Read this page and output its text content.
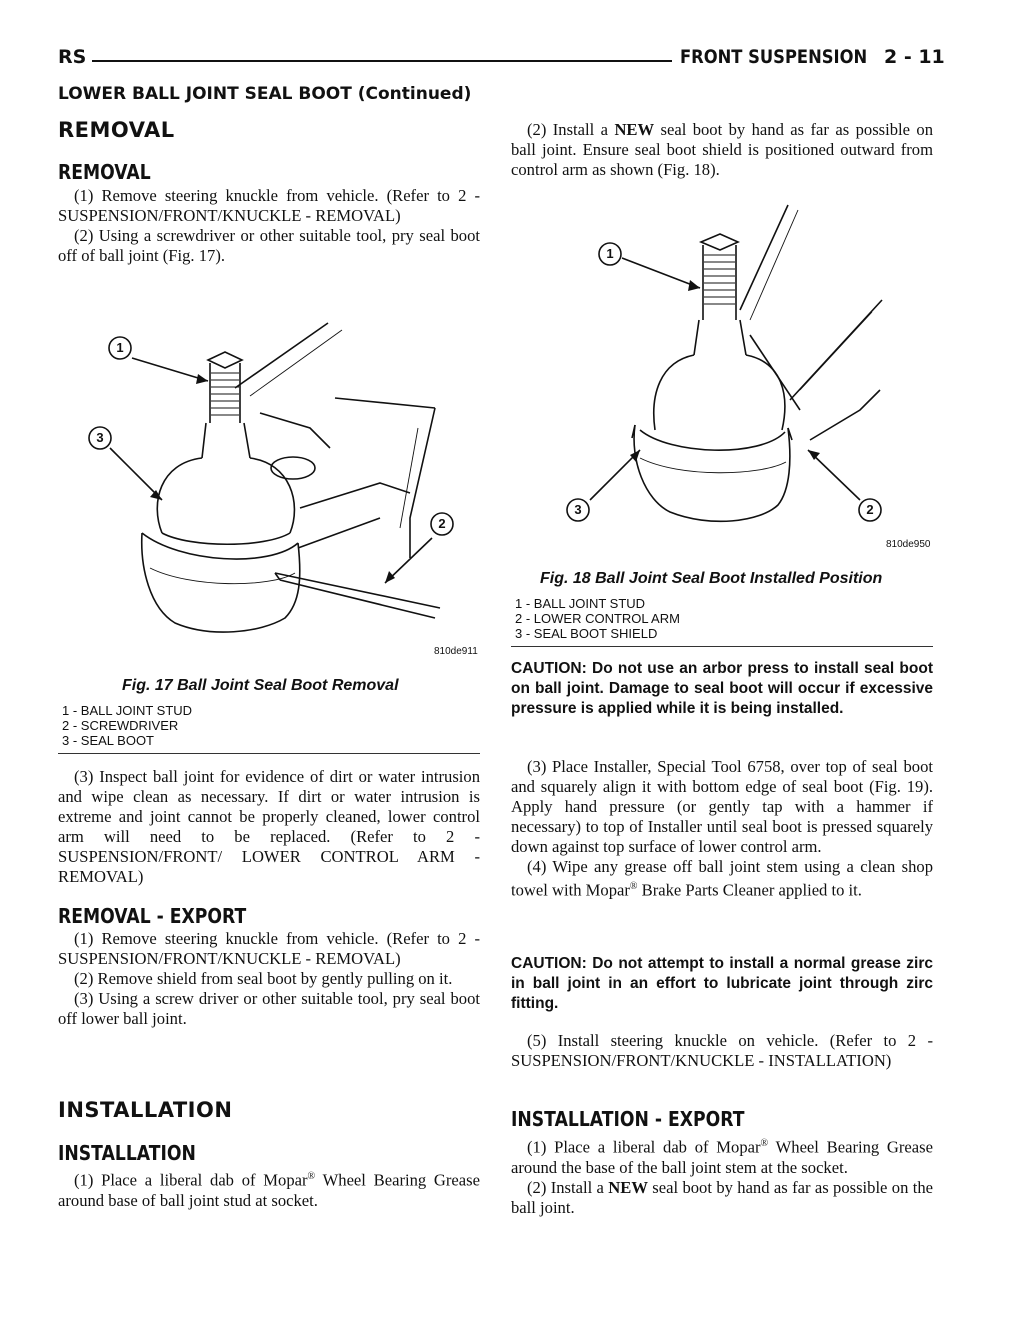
RS	FRONT SUSPENSION 2 - 11
LOWER BALL JOINT SEAL BOOT (Continued)
REMOVAL
REMOVAL

(1) Remove steering knuckle from vehicle. (Refer to 2 - SUSPENSION/FRONT/KNUCKLE - REMOVAL)

(2) Using a screwdriver or other suitable tool, pry seal boot off of ball joint (Fig. 17).

1
3
2
810de911
Fig. 17 Ball Joint Seal Boot Removal
1 - BALL JOINT STUD
2 - SCREWDRIVER
3 - SEAL BOOT

(3) Inspect ball joint for evidence of dirt or water intrusion and wipe clean as necessary. If dirt or water intrusion is extreme and joint cannot be properly cleaned, lower control arm will need to be replaced. (Refer to 2 - SUSPENSION/FRONT/ LOWER CONTROL ARM - REMOVAL)

REMOVAL - EXPORT

(1) Remove steering knuckle from vehicle. (Refer to 2 - SUSPENSION/FRONT/KNUCKLE - REMOVAL)

(2) Remove shield from seal boot by gently pulling on it.

(3) Using a screw driver or other suitable tool, pry seal boot off lower ball joint.

INSTALLATION
INSTALLATION

(1) Place a liberal dab of Mopar® Wheel Bearing Grease around base of ball joint stud at socket.

(2) Install a NEW seal boot by hand as far as possible on ball joint. Ensure seal boot shield is positioned outward from control arm as shown (Fig. 18).

1
3	2
810de950
Fig. 18 Ball Joint Seal Boot Installed Position
1 - BALL JOINT STUD
2 - LOWER CONTROL ARM
3 - SEAL BOOT SHIELD
CAUTION: Do not use an arbor press to install seal boot on ball joint. Damage to seal boot will occur if excessive pressure is applied while it is being installed.

(3) Place Installer, Special Tool 6758, over top of seal boot and squarely align it with bottom edge of seal boot (Fig. 19). Apply hand pressure (or gently tap with a hammer if necessary) to top of Installer until seal boot is pressed squarely down against top surface of lower control arm.

(4) Wipe any grease off ball joint stem using a clean shop towel with Mopar® Brake Parts Cleaner applied to it.

CAUTION: Do not attempt to install a normal grease zirc in ball joint in an effort to lubricate joint through zirc fitting.

(5) Install steering knuckle on vehicle. (Refer to 2 - SUSPENSION/FRONT/KNUCKLE - INSTALLATION)

INSTALLATION - EXPORT

(1) Place a liberal dab of Mopar® Wheel Bearing Grease around the base of the ball joint stem at the socket.

(2) Install a NEW seal boot by hand as far as possible on the ball joint.
